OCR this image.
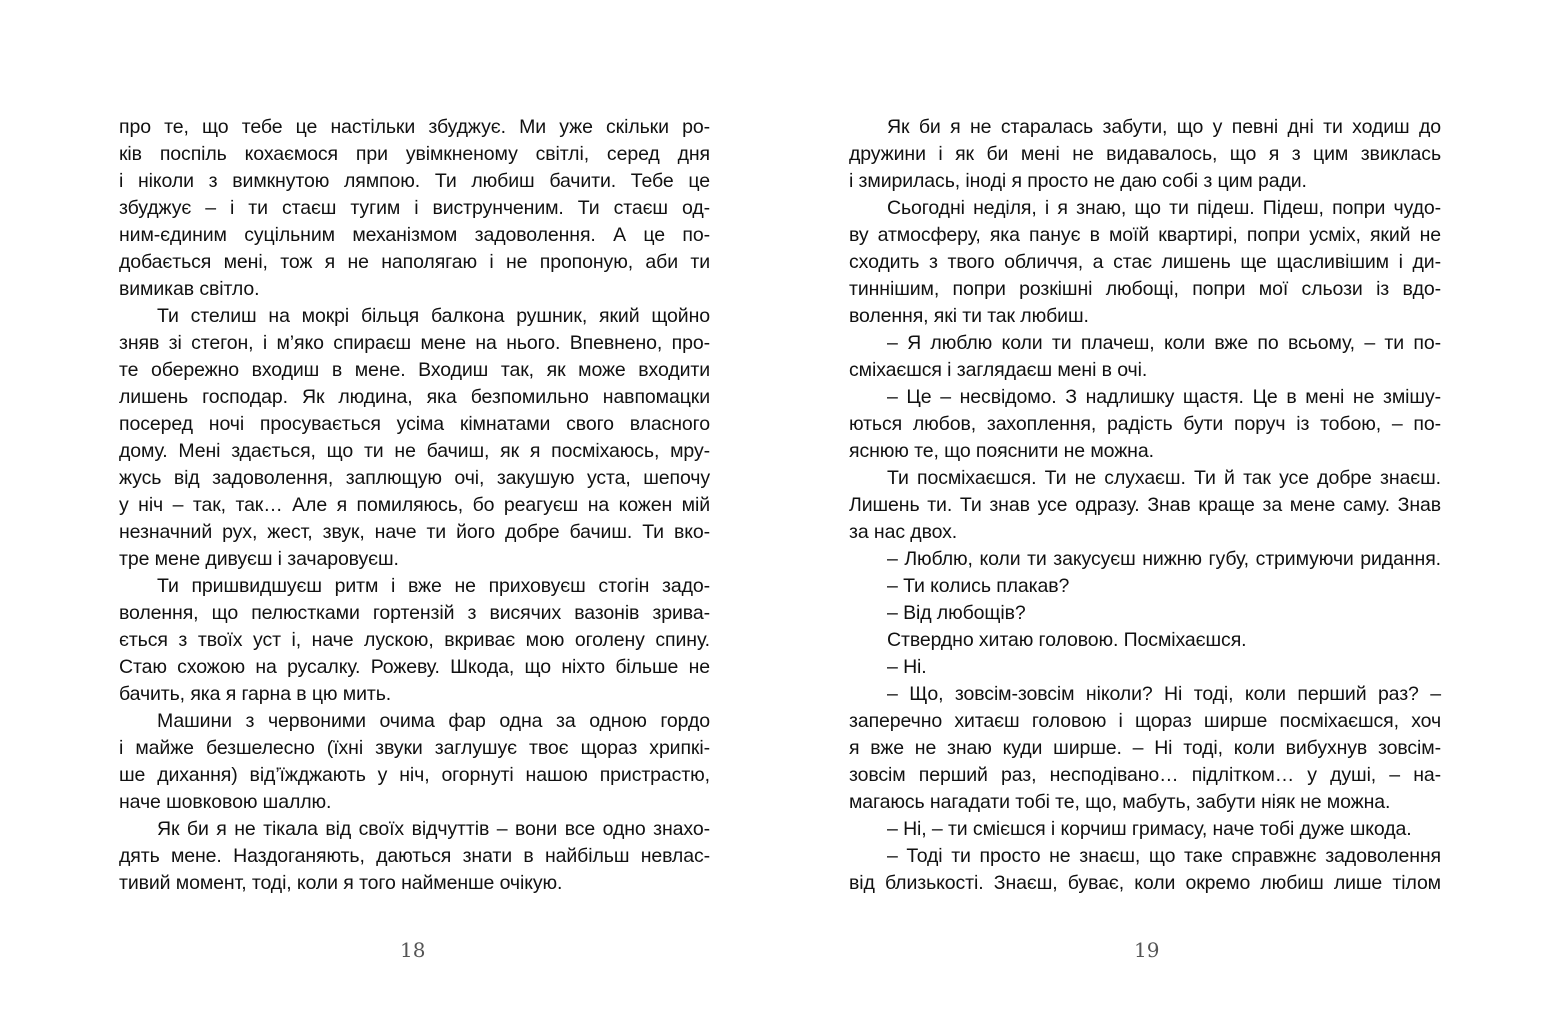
про те, що тебе це настільки збуджує. Ми уже скільки ро-
ків поспіль кохаємося при увімкненому світлі, серед дня
і ніколи з вимкнутою лямпою. Ти любиш бачити. Тебе це
збуджує – і ти стаєш тугим і виструнченим. Ти стаєш од-
ним-єдиним суцільним механізмом задоволення. А це по-
добається мені, тож я не наполягаю і не пропоную, аби ти
вимикав світло.
Ти стелиш на мокрі більця балкона рушник, який щойно
зняв зі стегон, і м’яко спираєш мене на нього. Впевнено, про-
те обережно входиш в мене. Входиш так, як може входити
лишень господар. Як людина, яка безпомильно навпомацки
посеред ночі просувається усіма кімнатами свого власного
дому. Мені здається, що ти не бачиш, як я посміхаюсь, мру-
жусь від задоволення, заплющую очі, закушую уста, шепочу
у ніч – так, так… Але я помиляюсь, бо реагуєш на кожен мій
незначний рух, жест, звук, наче ти його добре бачиш. Ти вко-
тре мене дивуєш і зачаровуєш.
Ти пришвидшуєш ритм і вже не приховуєш стогін задо-
волення, що пелюстками гортензій з висячих вазонів зрива-
ється з твоїх уст і, наче лускою, вкриває мою оголену спину.
Стаю схожою на русалку. Рожеву. Шкода, що ніхто більше не
бачить, яка я гарна в цю мить.
Машини з червоними очима фар одна за одною гордо
і майже безшелесно (їхні звуки заглушує твоє щораз хрипкі-
ше дихання) від’їжджають у ніч, огорнуті нашою пристрастю,
наче шовковою шаллю.
Як би я не тікала від своїх відчуттів – вони все одно знахо-
дять мене. Наздоганяють, даються знати в найбільш невлас-
тивий момент, тоді, коли я того найменше очікую.
18
Як би я не старалась забути, що у певні дні ти ходиш до
дружини і як би мені не видавалось, що я з цим звиклась
і змирилась, іноді я просто не даю собі з цим ради.
Сьогодні неділя, і я знаю, що ти підеш. Підеш, попри чудо-
ву атмосферу, яка панує в моїй квартирі, попри усміх, який не
сходить з твого обличчя, а стає лишень ще щасливішим і ди-
тиннішим, попри розкішні любощі, попри мої сльози із вдо-
волення, які ти так любиш.
– Я люблю коли ти плачеш, коли вже по всьому, – ти по-
сміхаєшся і заглядаєш мені в очі.
– Це – несвідомо. З надлишку щастя. Це в мені не змішу-
ються любов, захоплення, радість бути поруч із тобою, – по-
яснюю те, що пояснити не можна.
Ти посміхаєшся. Ти не слухаєш. Ти й так усе добре знаєш.
Лишень ти. Ти знав усе одразу. Знав краще за мене саму. Знав
за нас двох.
– Люблю, коли ти закусуєш нижню губу, стримуючи ридання.
– Ти колись плакав?
– Від любощів?
Ствердно хитаю головою. Посміхаєшся.
– Ні.
– Що, зовсім-зовсім ніколи? Ні тоді, коли перший раз? –
заперечно хитаєш головою і щораз ширше посміхаєшся, хоч
я вже не знаю куди ширше. – Ні тоді, коли вибухнув зовсім-
зовсім перший раз, несподівано… підлітком… у душі, – на-
магаюсь нагадати тобі те, що, мабуть, забути ніяк не можна.
– Ні, – ти смієшся і корчиш гримасу, наче тобі дуже шкода.
– Тоді ти просто не знаєш, що таке справжнє задоволення
від близькості. Знаєш, буває, коли окремо любиш лише тілом
19
